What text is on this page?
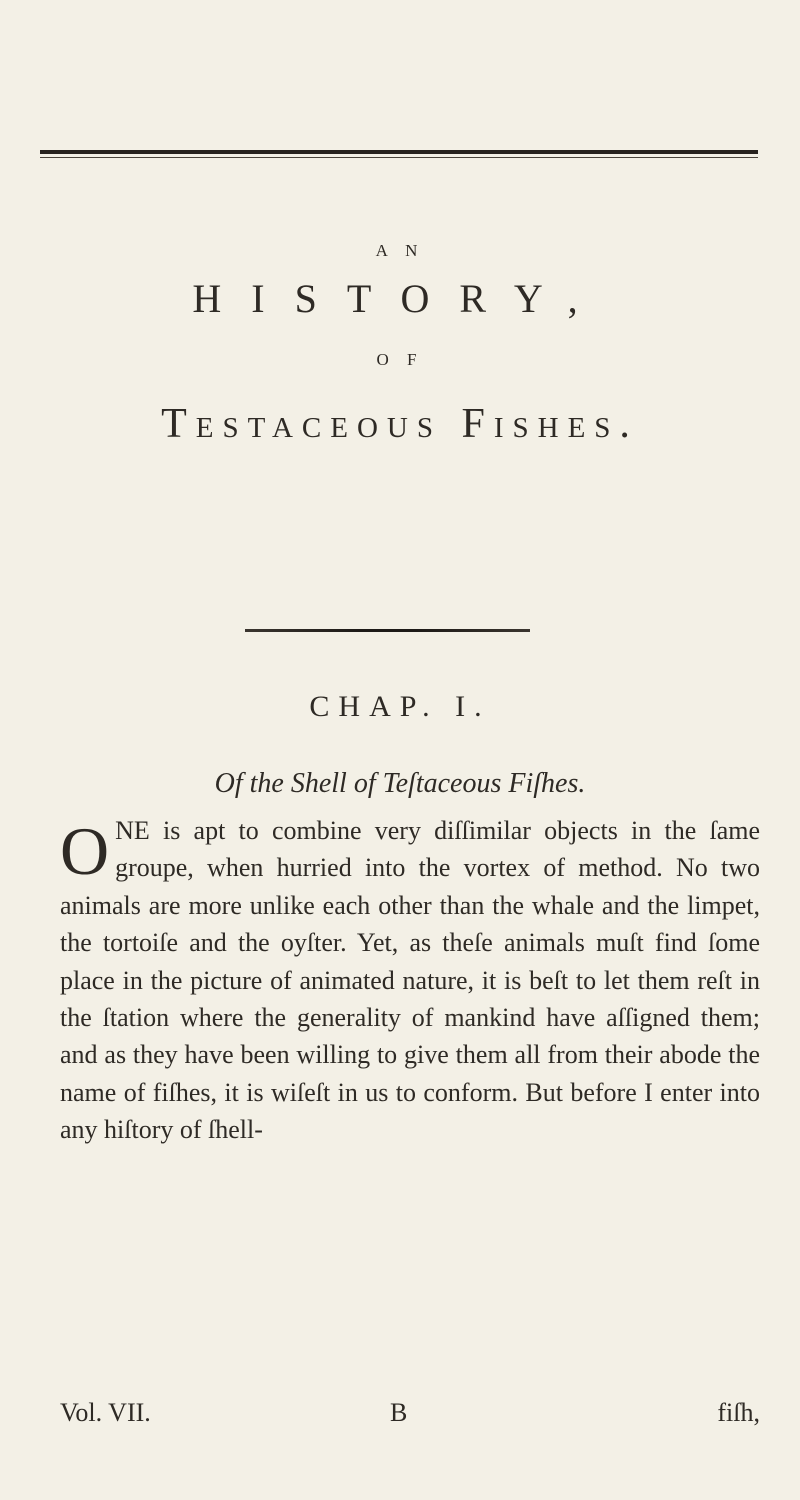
A N
HISTORY,
O F
Testaceous Fishes.
CHAP. I.
Of the Shell of Teſtaceous Fiſhes.
ONE is apt to combine very diſſimilar objects in the ſame groupe, when hurried into the vortex of method. No two animals are more unlike each other than the whale and the limpet, the tortoiſe and the oyſter. Yet, as theſe animals muſt find ſome place in the picture of animated nature, it is beſt to let them reſt in the ſtation where the generality of mankind have aſſigned them; and as they have been willing to give them all from their abode the name of fiſhes, it is wiſeſt in us to conform. But before I enter into any hiſtory of ſhell-
Vol. VII.	B	fiſh,
